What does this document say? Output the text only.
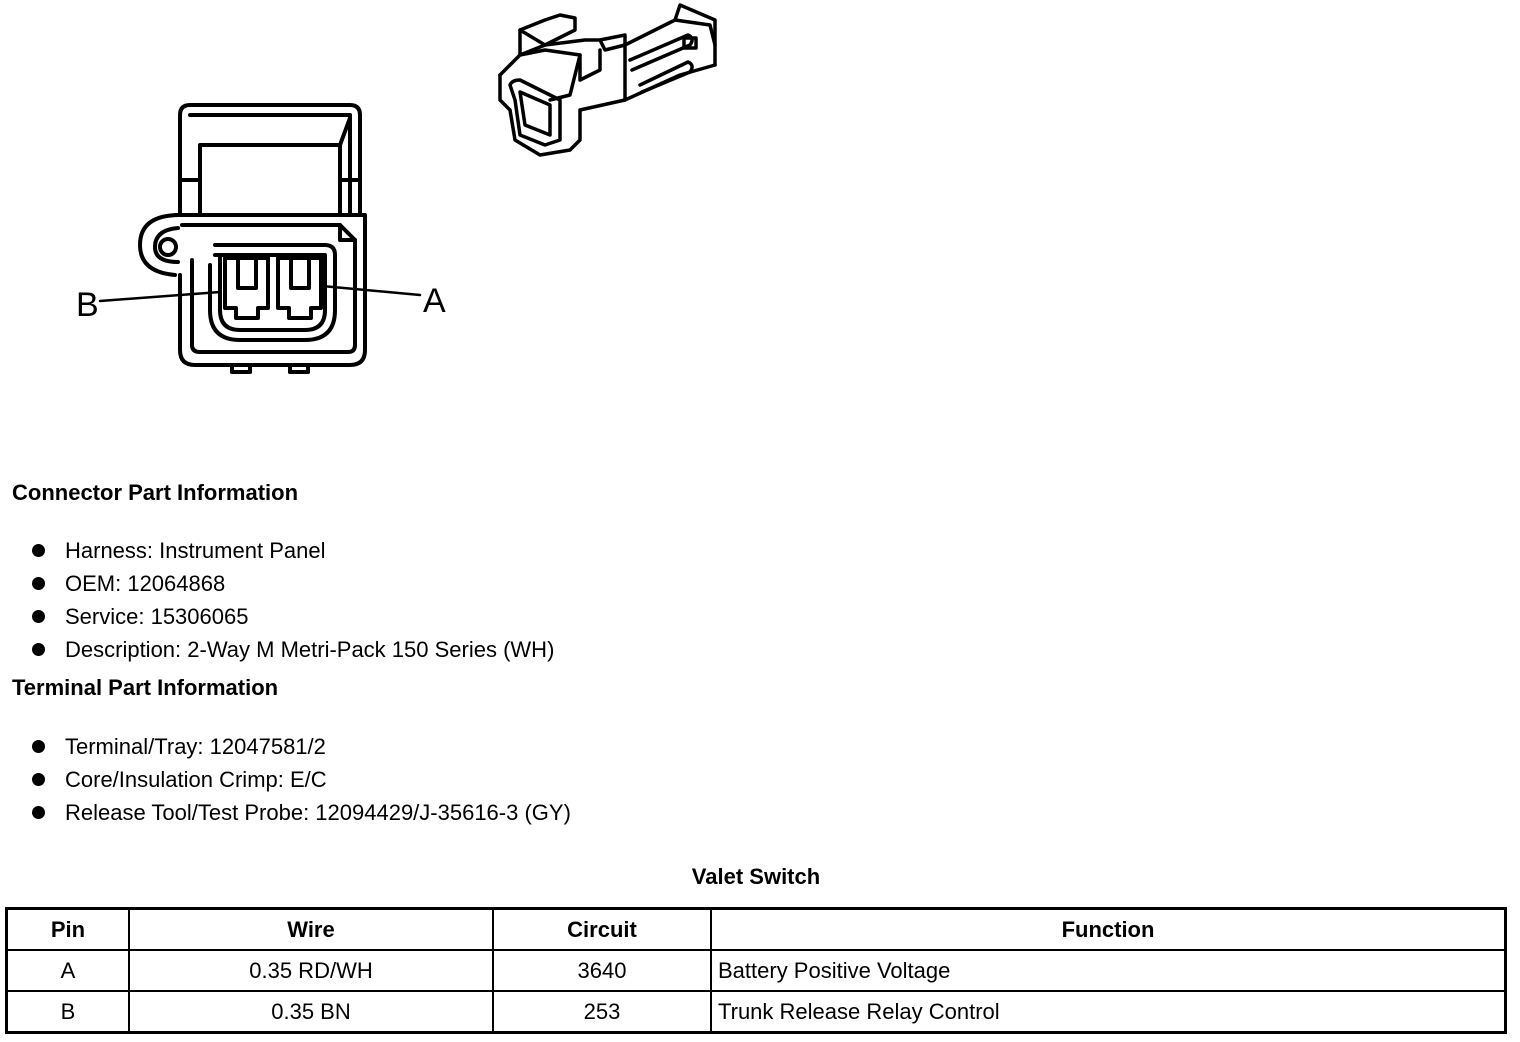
B	A
Connector Part Information
Harness: Instrument Panel
OEM: 12064868
Service: 15306065
Description: 2-Way M Metri-Pack 150 Series (WH)
Terminal Part Information
Terminal/Tray: 12047581/2
Core/Insulation Crimp: E/C
Release Tool/Test Probe: 12094429/J-35616-3 (GY)
Valet Switch
Pin	Wire	Circuit	Function
A	0.35 RD/WH	3640	Battery Positive Voltage
B	0.35 BN	253	Trunk Release Relay Control
